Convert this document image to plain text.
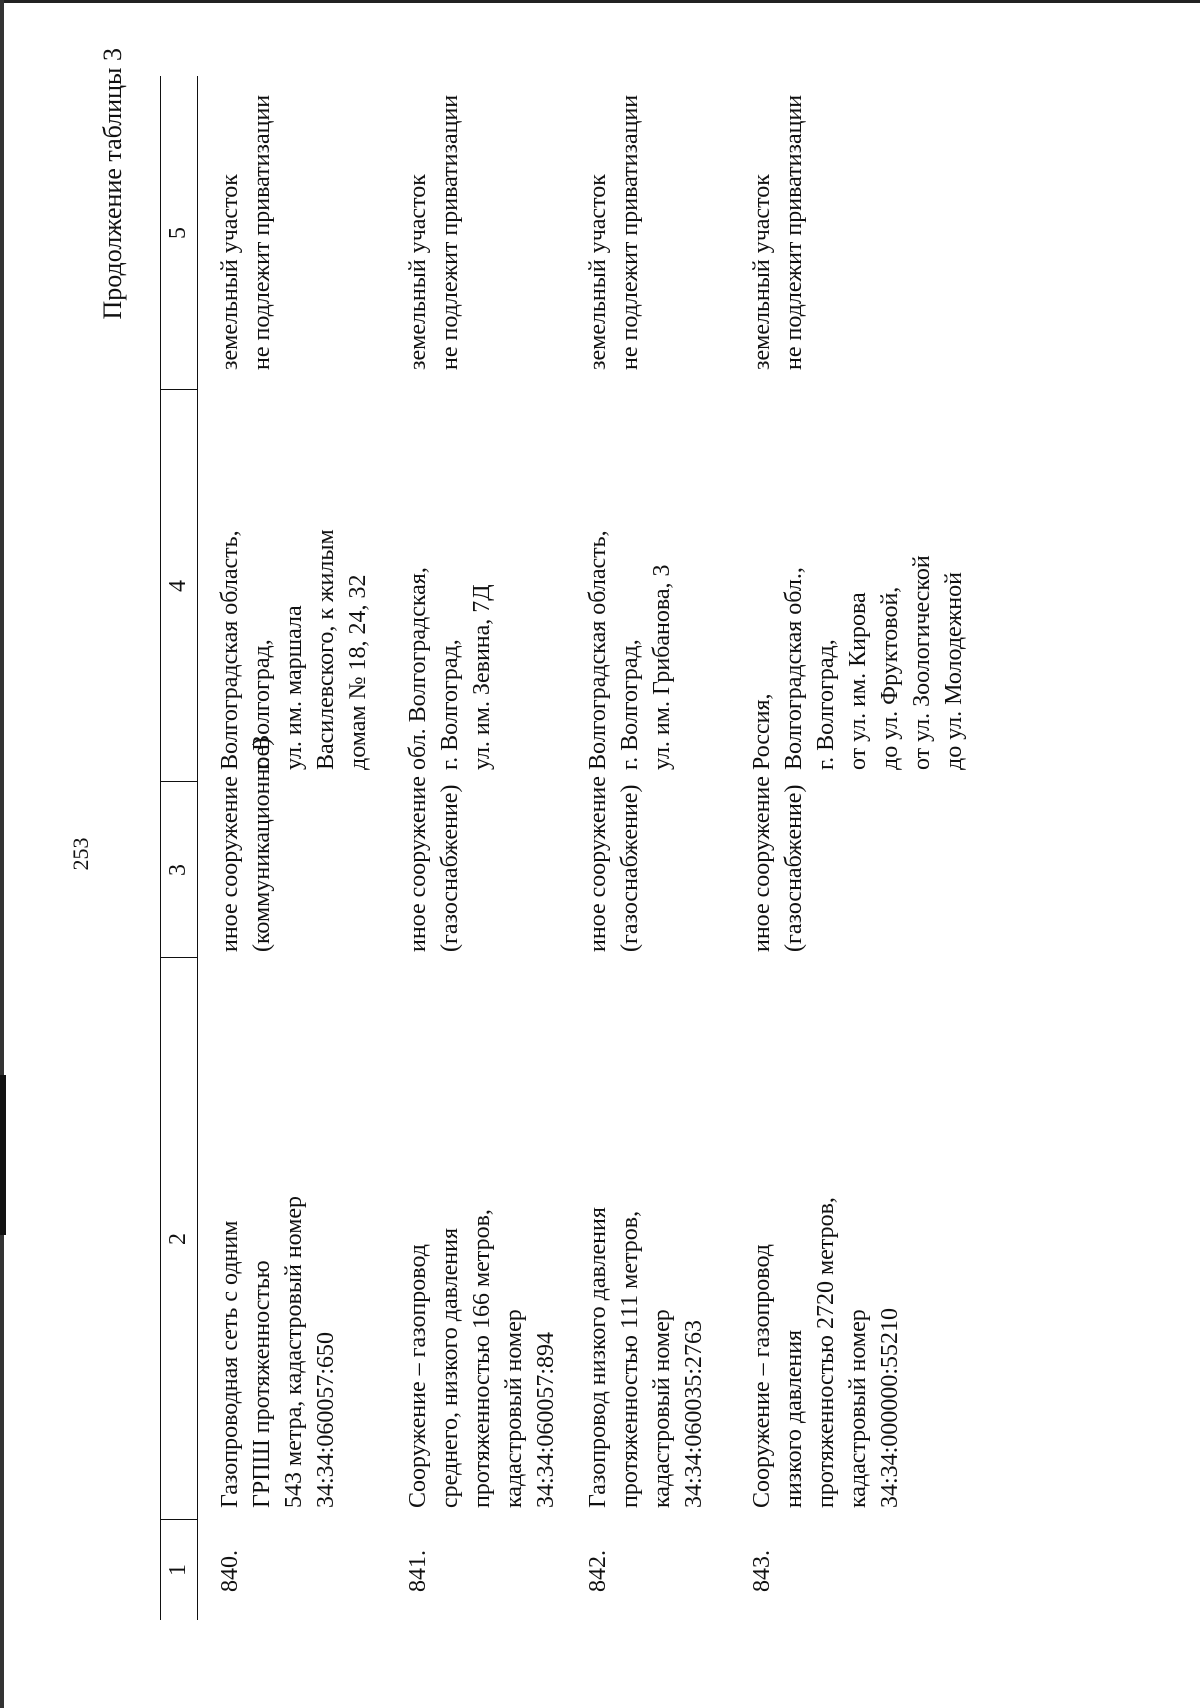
253
Продолжение таблицы 3
1
2
3
4
5
840.
Газопроводная сеть с одним ГРПШ протяженностью 543 метра, кадастровый номер 34:34:060057:650
иное сооружение (коммуникационное)
Волгоградская область, г. Волгоград, ул. им. маршала Василевского, к жилым домам № 18, 24, 32
земельный участок не подлежит приватизации
841.
Сооружение – газопровод среднего, низкого давления протяженностью 166 метров, кадастровый номер 34:34:060057:894
иное сооружение (газоснабжение)
обл. Волгоградская, г. Волгоград, ул. им. Зевина, 7Д
земельный участок не подлежит приватизации
842.
Газопровод низкого давления протяженностью 111 метров, кадастровый номер 34:34:060035:2763
иное сооружение (газоснабжение)
Волгоградская область, г. Волгоград, ул. им. Грибанова, 3
земельный участок не подлежит приватизации
843.
Сооружение – газопровод низкого давления протяженностью 2720 метров, кадастровый номер 34:34:000000:55210
иное сооружение (газоснабжение)
Россия, Волгоградская обл., г. Волгоград, от ул. им. Кирова до ул. Фруктовой, от ул. Зоологической до ул. Молодежной
земельный участок не подлежит приватизации
